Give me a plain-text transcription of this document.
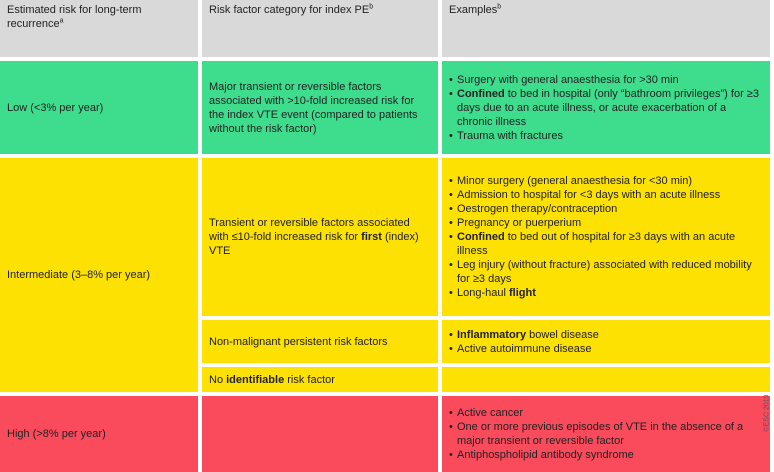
Estimated risk for long-term recurrence$^a$
Risk factor category for index $PE^b$	Examples$^b$
Low (<3% per year)
Major transient or reversible factors associated with >10-fold increased risk for the index VTE event (compared to patients without the risk factor)
• Surgery with general anaesthesia for >30 min
• Confined to bed in hospital (only “bathroom privileges”) for ≥3 days due to an acute illness, or acute exacerbation of a chronic illness
• Trauma with fractures
Intermediate (3–8% per year)
Transient or reversible factors associated with ≤10-fold increased risk for first (index) VTE
• Minor surgery (general anaesthesia for <30 min)
• Admission to hospital for <3 days with an acute illness
• Oestrogen therapy/contraception
• Pregnancy or puerperium
• Confined to bed out of hospital for ≥3 days with an acute illness
• Leg injury (without fracture) associated with reduced mobility for ≥3 days
• Long-haul flight
Non-malignant persistent risk factors
• Inflammatory bowel disease
• Active autoimmune disease
No identifiable risk factor
High (>8% per year)
• Active cancer
• One or more previous episodes of VTE in the absence of a major transient or reversible factor
• Antiphospholipid antibody syndrome
©ESC 2019
